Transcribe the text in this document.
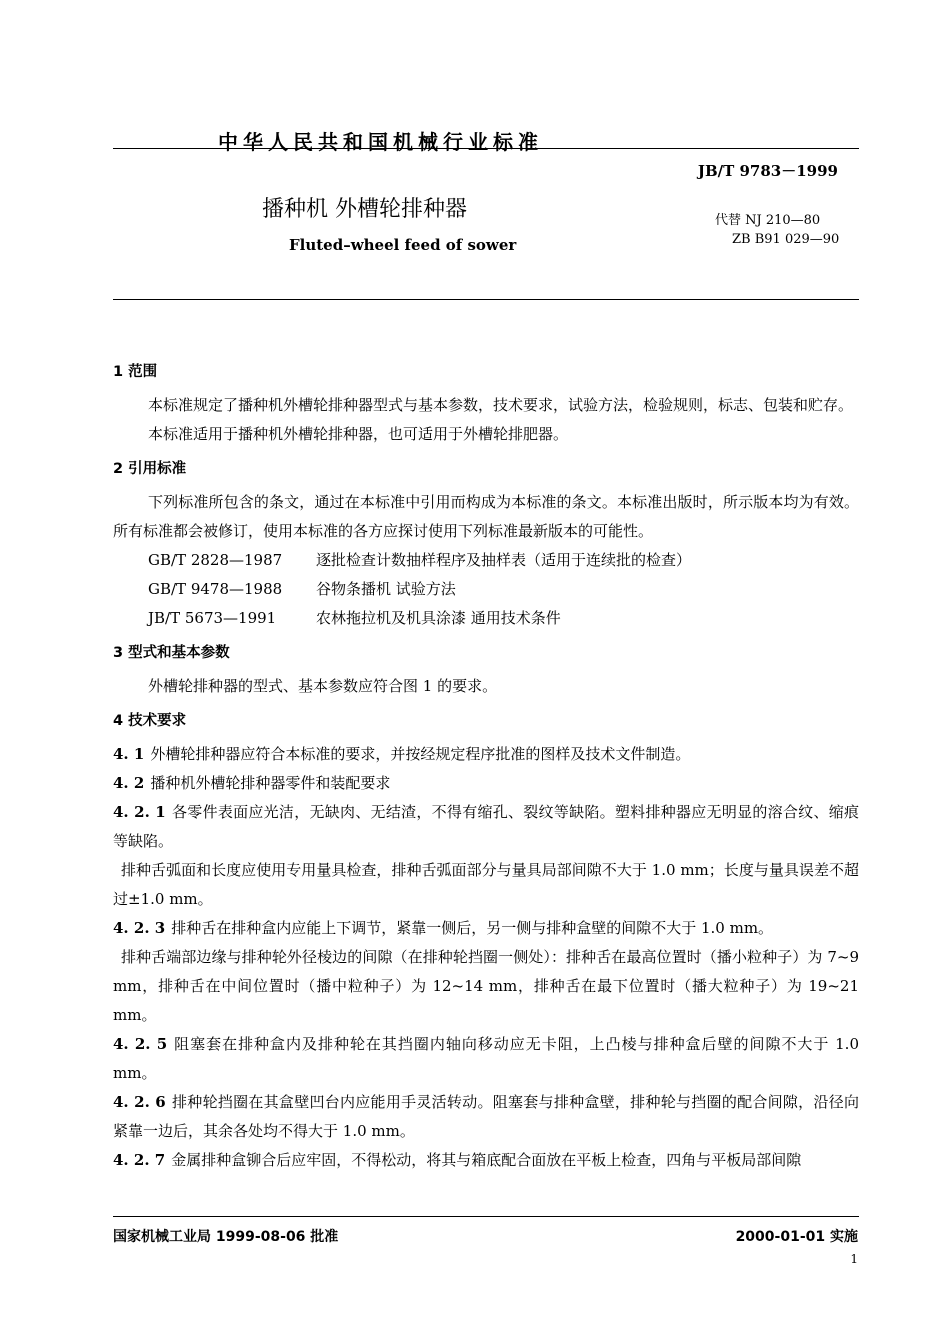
中华人民共和国机械行业标准
JB/T 9783－1999
播种机 外槽轮排种器	代替 NJ 210—80
ZB B91 029—90
Fluted–wheel feed of sower

1 范围

本标准规定了播种机外槽轮排种器型式与基本参数，技术要求，试验方法，检验规则，标志、包装和贮存。

本标准适用于播种机外槽轮排种器，也可适用于外槽轮排肥器。

2 引用标准

下列标准所包含的条文，通过在本标准中引用而构成为本标准的条文。本标准出版时，所示版本均为有效。所有标准都会被修订，使用本标准的各方应探讨使用下列标准最新版本的可能性。

GB/T 2828—1987	逐批检查计数抽样程序及抽样表（适用于连续批的检查）

GB/T 9478—1988	谷物条播机 试验方法

JB/T 5673—1991	农林拖拉机及机具涂漆 通用技术条件

3 型式和基本参数

外槽轮排种器的型式、基本参数应符合图 1 的要求。

4 技术要求

4. 1 外槽轮排种器应符合本标准的要求，并按经规定程序批准的图样及技术文件制造。

4. 2 播种机外槽轮排种器零件和装配要求

4. 2. 1 各零件表面应光洁，无缺肉、无结渣，不得有缩孔、裂纹等缺陷。塑料排种器应无明显的溶合纹、缩痕等缺陷。

排种舌弧面和长度应使用专用量具检查，排种舌弧面部分与量具局部间隙不大于 1.0 mm；长度与量具误差不超过±1.0 mm。

4. 2. 3 排种舌在排种盒内应能上下调节，紧靠一侧后，另一侧与排种盒壁的间隙不大于 1.0 mm。

排种舌端部边缘与排种轮外径棱边的间隙（在排种轮挡圈一侧处）：排种舌在最高位置时（播小粒种子）为 7~9 mm，排种舌在中间位置时（播中粒种子）为 12~14 mm，排种舌在最下位置时（播大粒种子）为 19~21 mm。

4. 2. 5 阻塞套在排种盒内及排种轮在其挡圈内轴向移动应无卡阻，上凸棱与排种盒后壁的间隙不大于 1.0 mm。

4. 2. 6 排种轮挡圈在其盒壁凹台内应能用手灵活转动。阻塞套与排种盒壁，排种轮与挡圈的配合间隙，沿径向紧靠一边后，其余各处均不得大于 1.0 mm。

4. 2. 7 金属排种盒铆合后应牢固，不得松动，将其与箱底配合面放在平板上检查，四角与平板局部间隙

国家机械工业局 1999-08-06 批准	2000-01-01 实施
1
